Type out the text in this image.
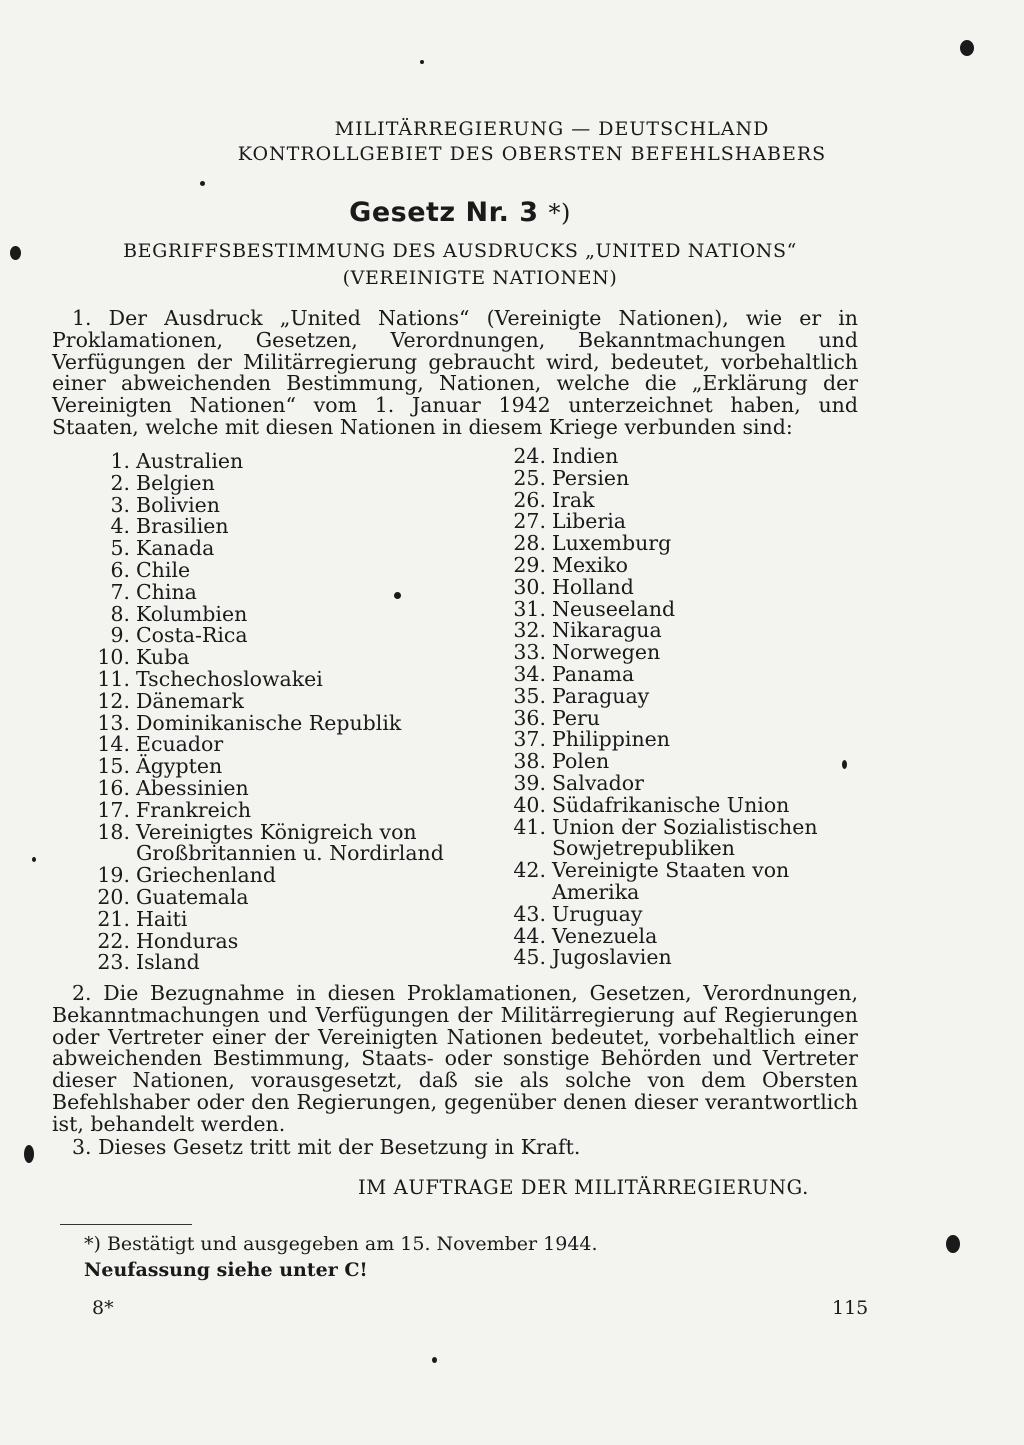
MILITÄRREGIERUNG — DEUTSCHLAND
KONTROLLGEBIET DES OBERSTEN BEFEHLSHABERS
Gesetz Nr. 3 *)
BEGRIFFSBESTIMMUNG DES AUSDRUCKS „UNITED NATIONS“
(VEREINIGTE NATIONEN)
1. Der Ausdruck „United Nations“ (Vereinigte Nationen), wie er in Proklamationen, Gesetzen, Verordnungen, Bekanntmachungen und Verfügungen der Militärregierung gebraucht wird, bedeutet, vorbehaltlich einer abweichenden Bestimmung, Nationen, welche die „Erklärung der Vereinigten Nationen“ vom 1. Januar 1942 unterzeichnet haben, und Staaten, welche mit diesen Nationen in diesem Kriege verbunden sind:
1. Australien
2. Belgien
3. Bolivien
4. Brasilien
5. Kanada
6. Chile
7. China
8. Kolumbien
9. Costa-Rica
10. Kuba
11. Tschechoslowakei
12. Dänemark
13. Dominikanische Republik
14. Ecuador
15. Ägypten
16. Abessinien
17. Frankreich
18. Vereinigtes Königreich von
Großbritannien u. Nordirland
19. Griechenland
20. Guatemala
21. Haiti
22. Honduras
23. Island
24. Indien
25. Persien
26. Irak
27. Liberia
28. Luxemburg
29. Mexiko
30. Holland
31. Neuseeland
32. Nikaragua
33. Norwegen
34. Panama
35. Paraguay
36. Peru
37. Philippinen
38. Polen
39. Salvador
40. Südafrikanische Union
41. Union der Sozialistischen
Sowjetrepubliken
42. Vereinigte Staaten von
Amerika
43. Uruguay
44. Venezuela
45. Jugoslavien
2. Die Bezugnahme in diesen Proklamationen, Gesetzen, Verordnungen, Bekanntmachungen und Verfügungen der Militärregierung auf Regierungen oder Vertreter einer der Vereinigten Nationen bedeutet, vorbehaltlich einer abweichenden Bestimmung, Staats- oder sonstige Behörden und Vertreter dieser Nationen, vorausgesetzt, daß sie als solche von dem Obersten Befehlshaber oder den Regierungen, gegenüber denen dieser verantwortlich ist, behandelt werden.
3. Dieses Gesetz tritt mit der Besetzung in Kraft.
IM AUFTRAGE DER MILITÄRREGIERUNG.
*) Bestätigt und ausgegeben am 15. November 1944.
Neufassung siehe unter C!
8*	115
